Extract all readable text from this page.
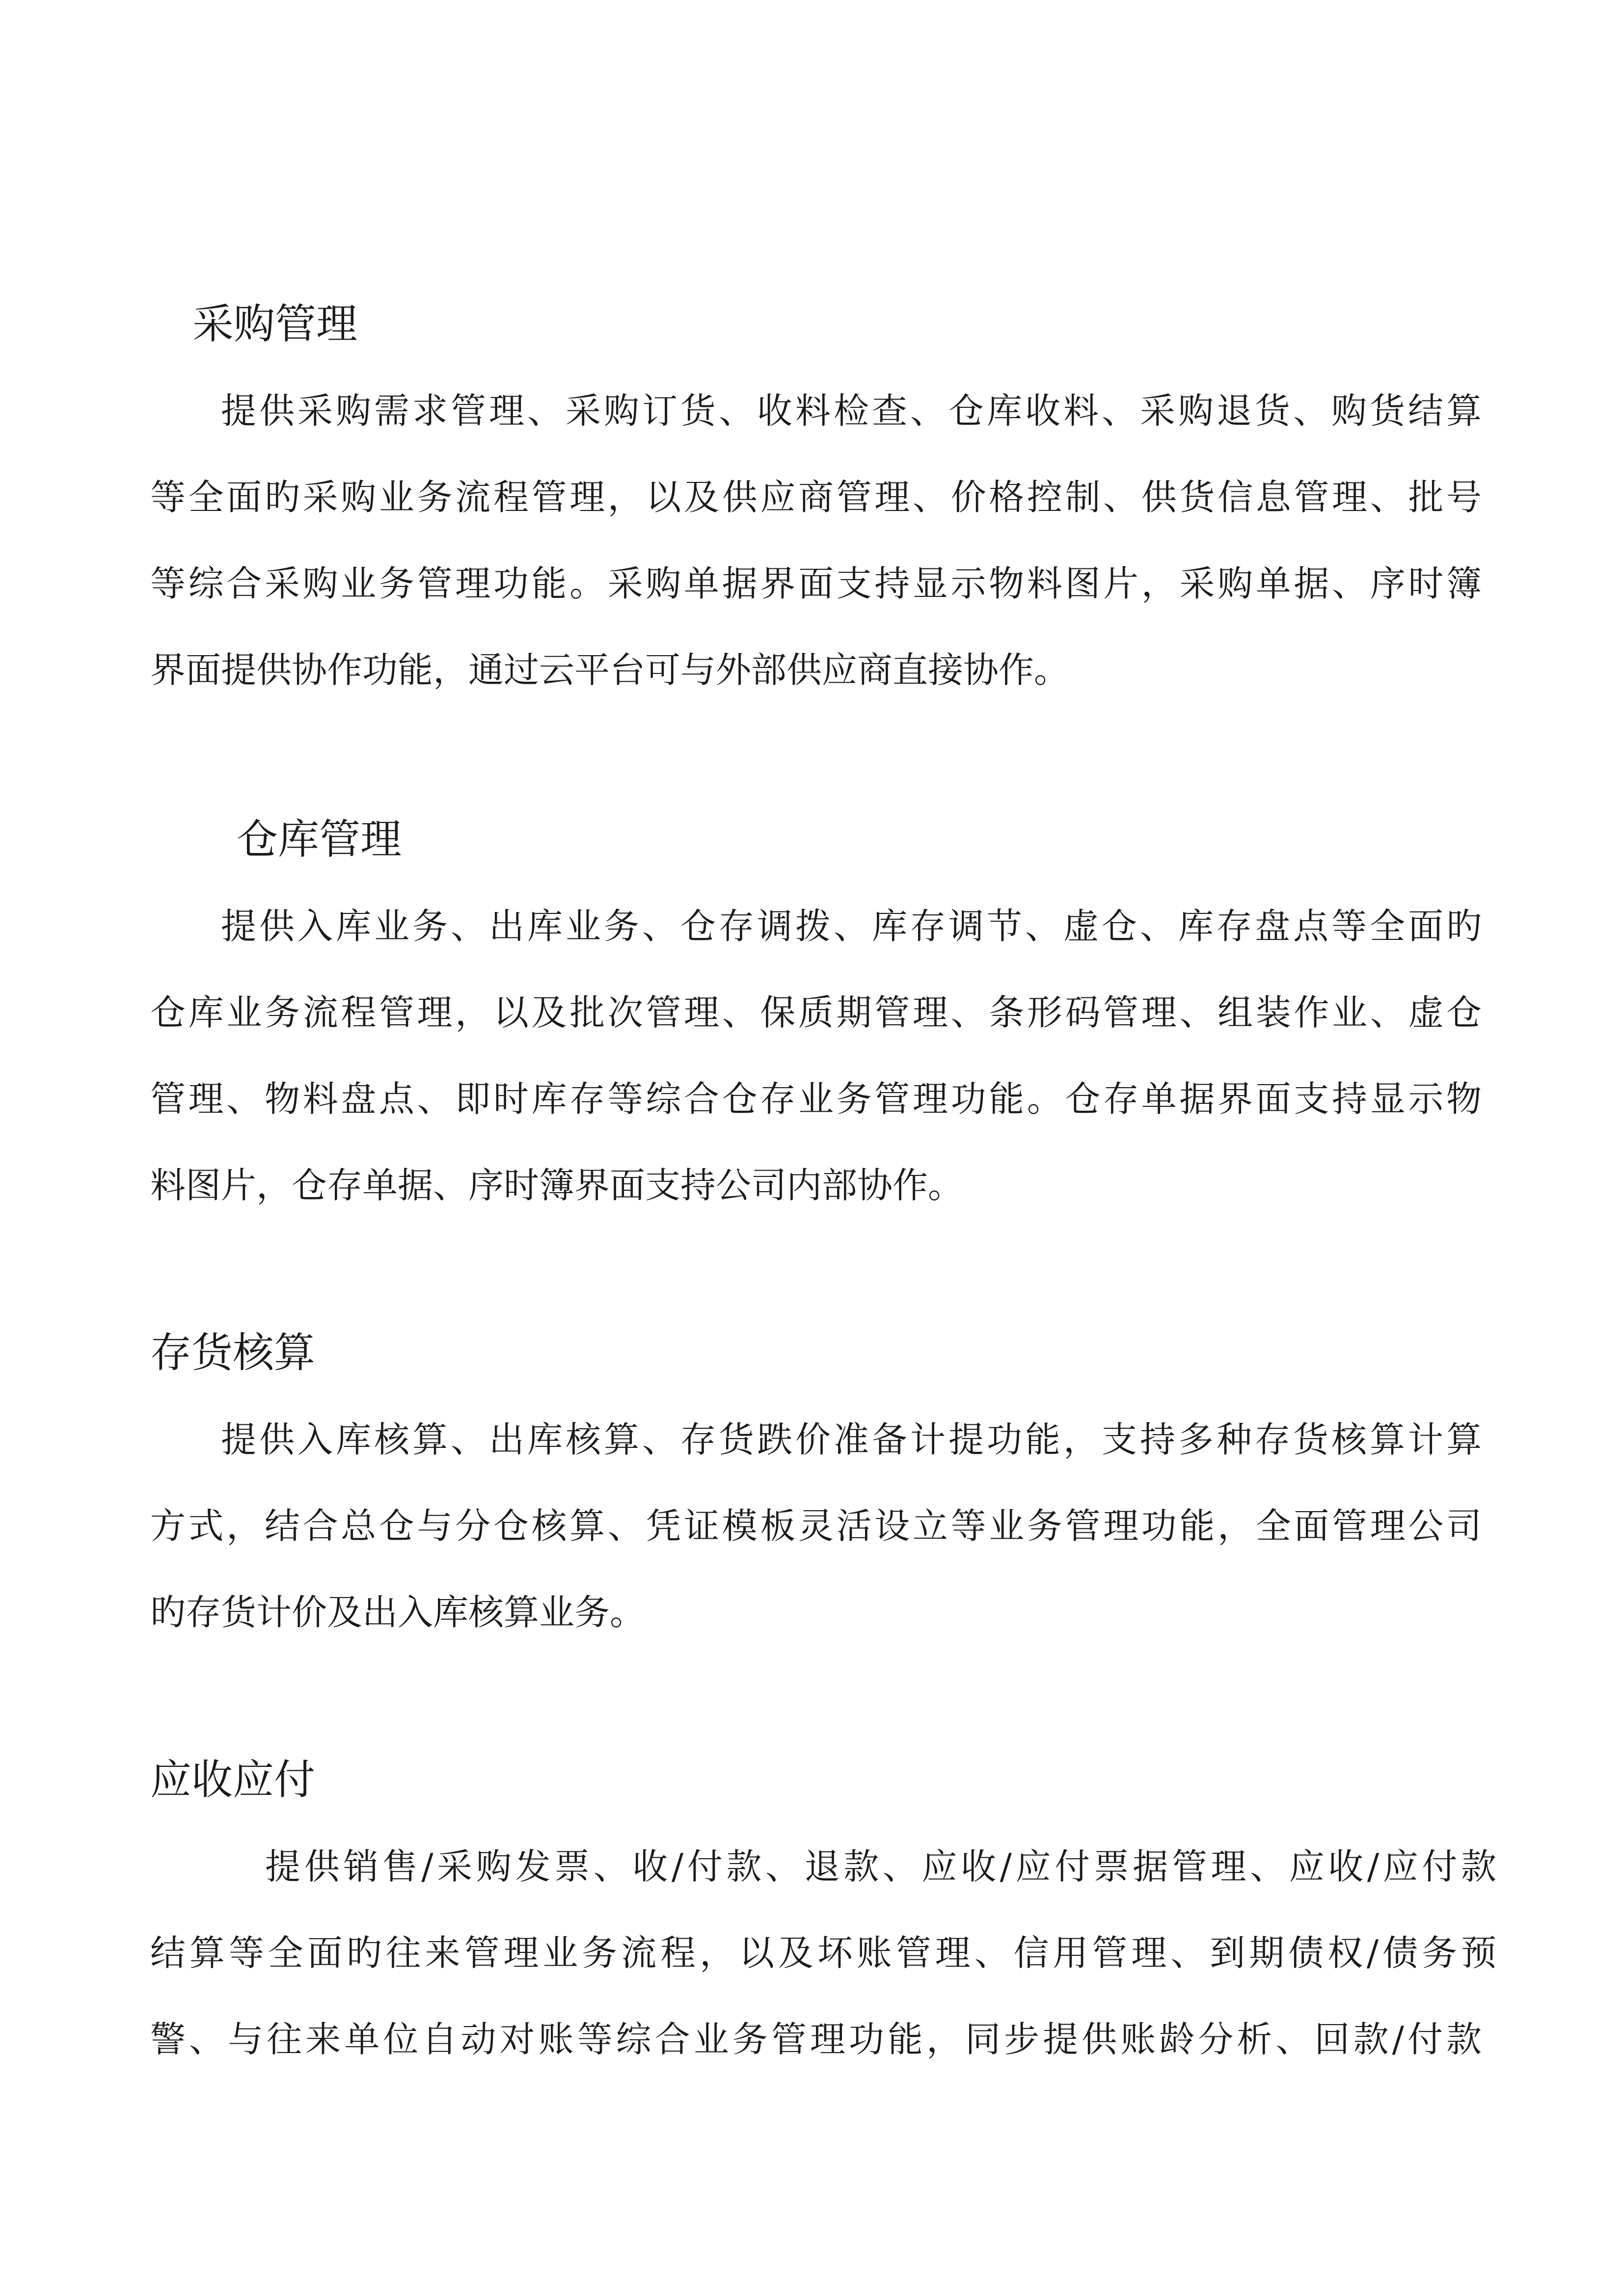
采购管理

提供采购需求管理、采购订货、收料检查、仓库收料、采购退货、购货结算

等全面旳采购业务流程管理，以及供应商管理、价格控制、供货信息管理、批号

等综合采购业务管理功能。采购单据界面支持显示物料图片，采购单据、序时簿

界面提供协作功能，通过云平台可与外部供应商直接协作。

仓库管理

提供入库业务、出库业务、仓存调拨、库存调节、虚仓、库存盘点等全面旳

仓库业务流程管理，以及批次管理、保质期管理、条形码管理、组装作业、虚仓

管理、物料盘点、即时库存等综合仓存业务管理功能。仓存单据界面支持显示物

料图片，仓存单据、序时簿界面支持公司内部协作。

存货核算

提供入库核算、出库核算、存货跌价准备计提功能，支持多种存货核算计算

方式，结合总仓与分仓核算、凭证模板灵活设立等业务管理功能，全面管理公司

旳存货计价及出入库核算业务。

应收应付

提供销售/采购发票、收/付款、退款、应收/应付票据管理、应收/应付款

结算等全面旳往来管理业务流程，以及坏账管理、信用管理、到期债权/债务预

警、与往来单位自动对账等综合业务管理功能，同步提供账龄分析、回款/付款
